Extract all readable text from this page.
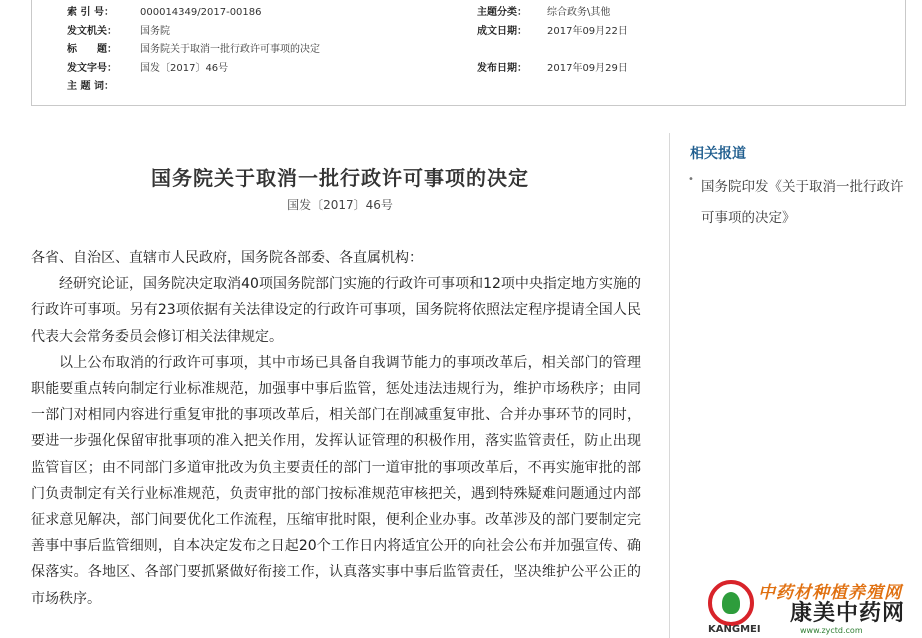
索 引 号：	000014349/2017-00186	主题分类： 综合政务\其他
发文机关： 国务院	成文日期： 2017年09月22日
标　　题： 国务院关于取消一批行政许可事项的决定
发文字号： 国发〔2017〕46号	发布日期： 2017年09月29日
主 题 词：
国务院关于取消一批行政许可事项的决定
国发〔2017〕46号

各省、自治区、直辖市人民政府，国务院各部委、各直属机构：

经研究论证，国务院决定取消40项国务院部门实施的行政许可事项和12项中央指定地方实施的行政许可事项。另有23项依据有关法律设定的行政许可事项，国务院将依照法定程序提请全国人民代表大会常务委员会修订相关法律规定。

以上公布取消的行政许可事项，其中市场已具备自我调节能力的事项改革后，相关部门的管理职能要重点转向制定行业标准规范，加强事中事后监管，惩处违法违规行为，维护市场秩序；由同一部门对相同内容进行重复审批的事项改革后，相关部门在削减重复审批、合并办事环节的同时，要进一步强化保留审批事项的准入把关作用，发挥认证管理的积极作用，落实监管责任，防止出现监管盲区；由不同部门多道审批改为负主要责任的部门一道审批的事项改革后，不再实施审批的部门负责制定有关行业标准规范，负责审批的部门按标准规范审核把关，遇到特殊疑难问题通过内部征求意见解决，部门间要优化工作流程，压缩审批时限，便利企业办事。改革涉及的部门要制定完善事中事后监管细则，自本决定发布之日起20个工作日内将适宜公开的向社会公布并加强宣传、确保落实。各地区、各部门要抓紧做好衔接工作，认真落实事中事后监管责任，坚决维护公平公正的市场秩序。

相关报道
• 国务院印发《关于取消一批行政许可事项的决定》
中药材种植养殖网
康美中药网
KANGMEI	www.zyctd.com
